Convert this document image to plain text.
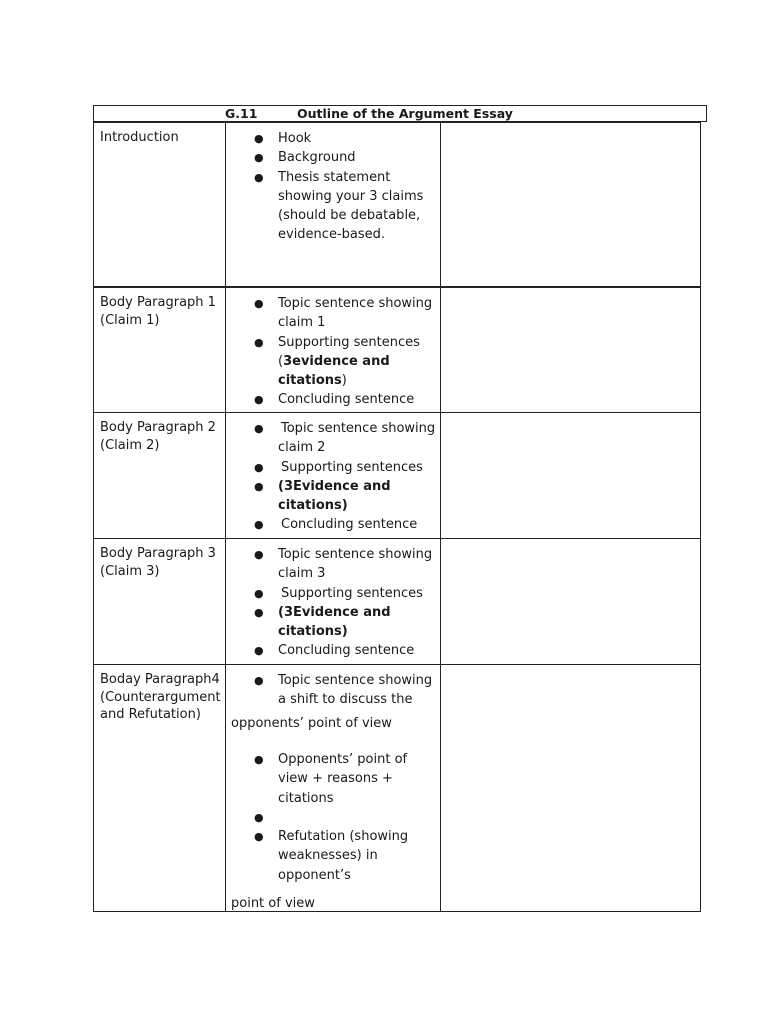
G.11	Outline of the Argument Essay
Introduction
●	Hook
● Background
● Thesis statement showing your 3 claims (should be debatable, evidence-based.
Body Paragraph 1 (Claim 1)
● Topic sentence showing claim 1
● Supporting sentences
(3evidence and citations)
● Concluding sentence
Body Paragraph 2 (Claim 2)
● Topic sentence showing claim 2
● Supporting sentences
● (3Evidence and citations)
● Concluding sentence
Body Paragraph 3 (Claim 3)
● Topic sentence showing claim 3
● Supporting sentences
● (3Evidence and citations)
● Concluding sentence
Boday Paragraph4 (Counterargument and Refutation)
● Topic sentence showing a shift to discuss the
opponents’ point of view
● Opponents’ point of view + reasons + citations
●
● Refutation (showing weaknesses) in opponent’s
point of view
